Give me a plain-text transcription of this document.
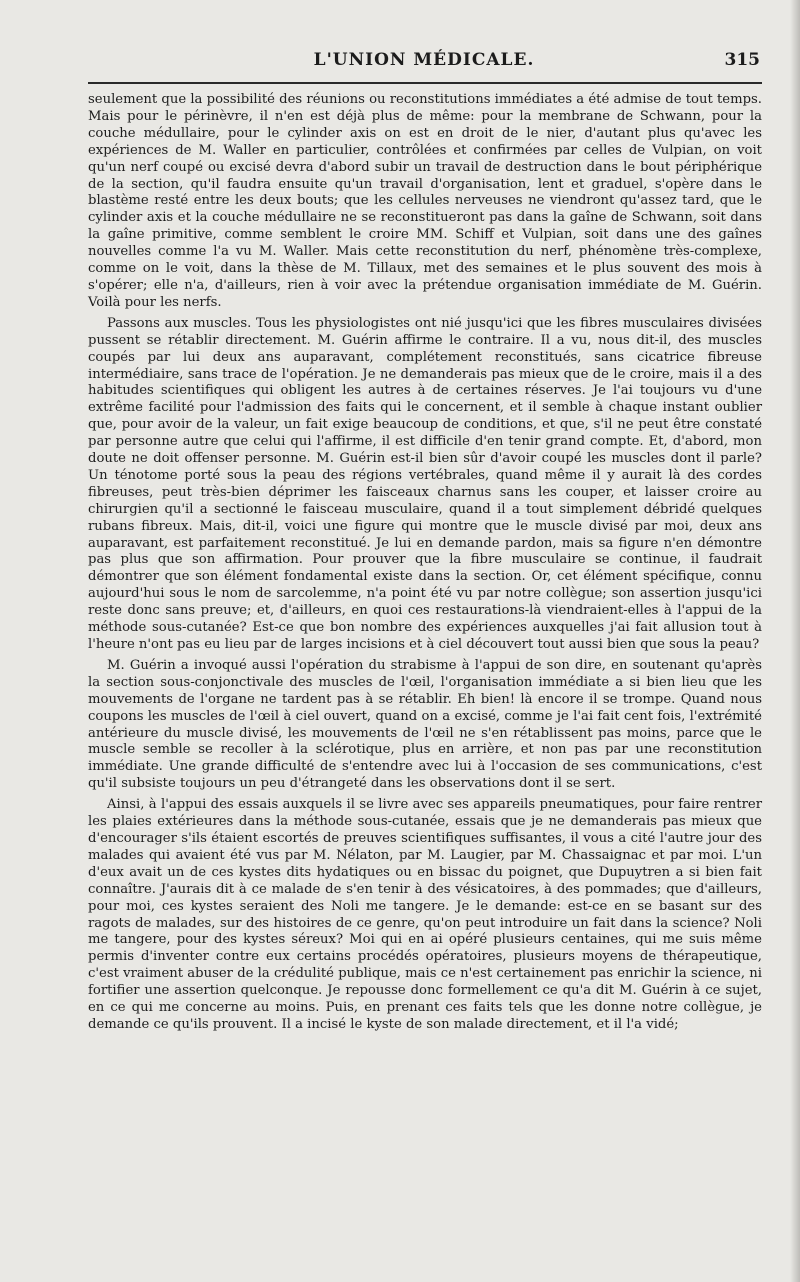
L'UNION MÉDICALE.	315

seulement que la possibilité des réunions ou reconstitutions immédiates a été admise de tout temps. Mais pour le périnèvre, il n'en est déjà plus de même: pour la membrane de Schwann, pour la couche médullaire, pour le cylinder axis on est en droit de le nier, d'autant plus qu'avec les expériences de M. Waller en particulier, contrôlées et confirmées par celles de Vulpian, on voit qu'un nerf coupé ou excisé devra d'abord subir un travail de destruction dans le bout périphérique de la section, qu'il faudra ensuite qu'un travail d'organisation, lent et graduel, s'opère dans le blastème resté entre les deux bouts; que les cellules nerveuses ne viendront qu'assez tard, que le cylinder axis et la couche médullaire ne se reconstitueront pas dans la gaîne de Schwann, soit dans la gaîne primitive, comme semblent le croire MM. Schiff et Vulpian, soit dans une des gaînes nouvelles comme l'a vu M. Waller. Mais cette reconstitution du nerf, phénomène très-complexe, comme on le voit, dans la thèse de M. Tillaux, met des semaines et le plus souvent des mois à s'opérer; elle n'a, d'ailleurs, rien à voir avec la prétendue organisation immédiate de M. Guérin. Voilà pour les nerfs.

Passons aux muscles. Tous les physiologistes ont nié jusqu'ici que les fibres musculaires divisées pussent se rétablir directement. M. Guérin affirme le contraire. Il a vu, nous dit-il, des muscles coupés par lui deux ans auparavant, complétement reconstitués, sans cicatrice fibreuse intermédiaire, sans trace de l'opération. Je ne demanderais pas mieux que de le croire, mais il a des habitudes scientifiques qui obligent les autres à de certaines réserves. Je l'ai toujours vu d'une extrême facilité pour l'admission des faits qui le concernent, et il semble à chaque instant oublier que, pour avoir de la valeur, un fait exige beaucoup de conditions, et que, s'il ne peut être constaté par personne autre que celui qui l'affirme, il est difficile d'en tenir grand compte. Et, d'abord, mon doute ne doit offenser personne. M. Guérin est-il bien sûr d'avoir coupé les muscles dont il parle? Un ténotome porté sous la peau des régions vertébrales, quand même il y aurait là des cordes fibreuses, peut très-bien déprimer les faisceaux charnus sans les couper, et laisser croire au chirurgien qu'il a sectionné le faisceau musculaire, quand il a tout simplement débridé quelques rubans fibreux. Mais, dit-il, voici une figure qui montre que le muscle divisé par moi, deux ans auparavant, est parfaitement reconstitué. Je lui en demande pardon, mais sa figure n'en démontre pas plus que son affirmation. Pour prouver que la fibre musculaire se continue, il faudrait démontrer que son élément fondamental existe dans la section. Or, cet élément spécifique, connu aujourd'hui sous le nom de sarcolemme, n'a point été vu par notre collègue; son assertion jusqu'ici reste donc sans preuve; et, d'ailleurs, en quoi ces restaurations-là viendraient-elles à l'appui de la méthode sous-cutanée? Est-ce que bon nombre des expériences auxquelles j'ai fait allusion tout à l'heure n'ont pas eu lieu par de larges incisions et à ciel découvert tout aussi bien que sous la peau?

M. Guérin a invoqué aussi l'opération du strabisme à l'appui de son dire, en soutenant qu'après la section sous-conjonctivale des muscles de l'œil, l'organisation immédiate a si bien lieu que les mouvements de l'organe ne tardent pas à se rétablir. Eh bien! là encore il se trompe. Quand nous coupons les muscles de l'œil à ciel ouvert, quand on a excisé, comme je l'ai fait cent fois, l'extrémité antérieure du muscle divisé, les mouvements de l'œil ne s'en rétablissent pas moins, parce que le muscle semble se recoller à la sclérotique, plus en arrière, et non pas par une reconstitution immédiate. Une grande difficulté de s'entendre avec lui à l'occasion de ses communications, c'est qu'il subsiste toujours un peu d'étrangeté dans les observations dont il se sert.

Ainsi, à l'appui des essais auxquels il se livre avec ses appareils pneumatiques, pour faire rentrer les plaies extérieures dans la méthode sous-cutanée, essais que je ne demanderais pas mieux que d'encourager s'ils étaient escortés de preuves scientifiques suffisantes, il vous a cité l'autre jour des malades qui avaient été vus par M. Nélaton, par M. Laugier, par M. Chassaignac et par moi. L'un d'eux avait un de ces kystes dits hydatiques ou en bissac du poignet, que Dupuytren a si bien fait connaître. J'aurais dit à ce malade de s'en tenir à des vésicatoires, à des pommades; que d'ailleurs, pour moi, ces kystes seraient des Noli me tangere. Je le demande: est-ce en se basant sur des ragots de malades, sur des histoires de ce genre, qu'on peut introduire un fait dans la science? Noli me tangere, pour des kystes séreux? Moi qui en ai opéré plusieurs centaines, qui me suis même permis d'inventer contre eux certains procédés opératoires, plusieurs moyens de thérapeutique, c'est vraiment abuser de la crédulité publique, mais ce n'est certainement pas enrichir la science, ni fortifier une assertion quelconque. Je repousse donc formellement ce qu'a dit M. Guérin à ce sujet, en ce qui me concerne au moins. Puis, en prenant ces faits tels que les donne notre collègue, je demande ce qu'ils prouvent. Il a incisé le kyste de son malade directement, et il l'a vidé;
